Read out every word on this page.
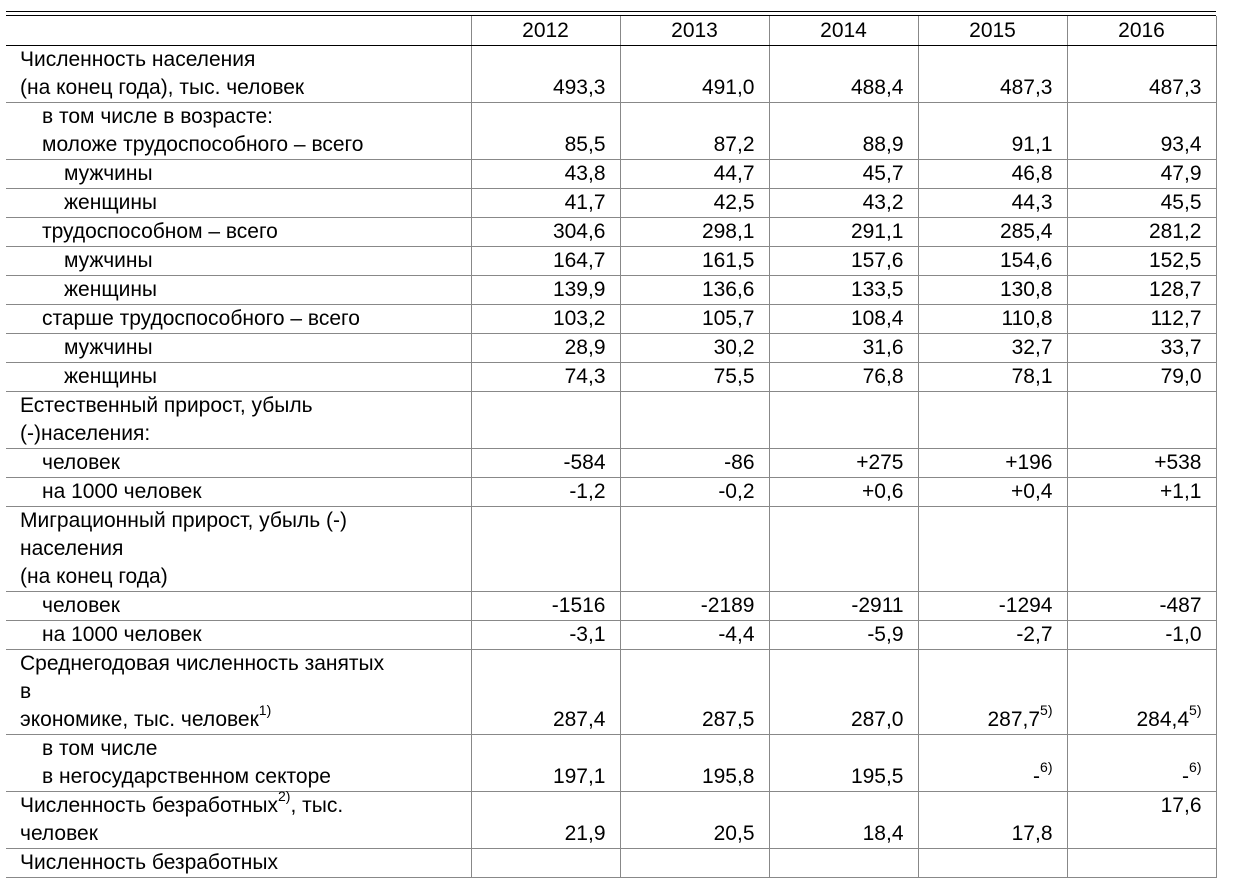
	2012	2013	2014	2015	2016

Численность населения
(на конец года), тыс. человек	493,3	491,0	488,4	487,3	487,3

в том числе в возрасте:
моложе трудоспособного – всего	85,5	87,2	88,9	91,1	93,4

мужчины	43,8	44,7	45,7	46,8	47,9

женщины	41,7	42,5	43,2	44,3	45,5

трудоспособном – всего	304,6	298,1	291,1	285,4	281,2

мужчины	164,7	161,5	157,6	154,6	152,5

женщины	139,9	136,6	133,5	130,8	128,7

старше трудоспособного – всего	103,2	105,7	108,4	110,8	112,7

мужчины	28,9	30,2	31,6	32,7	33,7

женщины	74,3	75,5	76,8	78,1	79,0

Естественный прирост, убыль
(-)населения:					

человек	-584	-86	+275	+196	+538

на 1000 человек	-1,2	-0,2	+0,6	+0,4	+1,1

Миграционный прирост, убыль (-)
населения
(на конец года)					

человек	-1516	-2189	-2911	-1294	-487

на 1000 человек	-3,1	-4,4	-5,9	-2,7	-1,0

Среднегодовая численность занятых
в
экономике, тыс. человек$^{1)}$	287,4	287,5	287,0	287,7$^{5)}$	284,4$^{5)}$

в том числе
в негосударственном секторе	197,1	195,8	195,5	-$^{6)}$	-$^{6)}$

Численность безработных$^{2)}$, тыс.
человек	21,9	20,5	18,4	17,8	17,6

Численность безработных					
